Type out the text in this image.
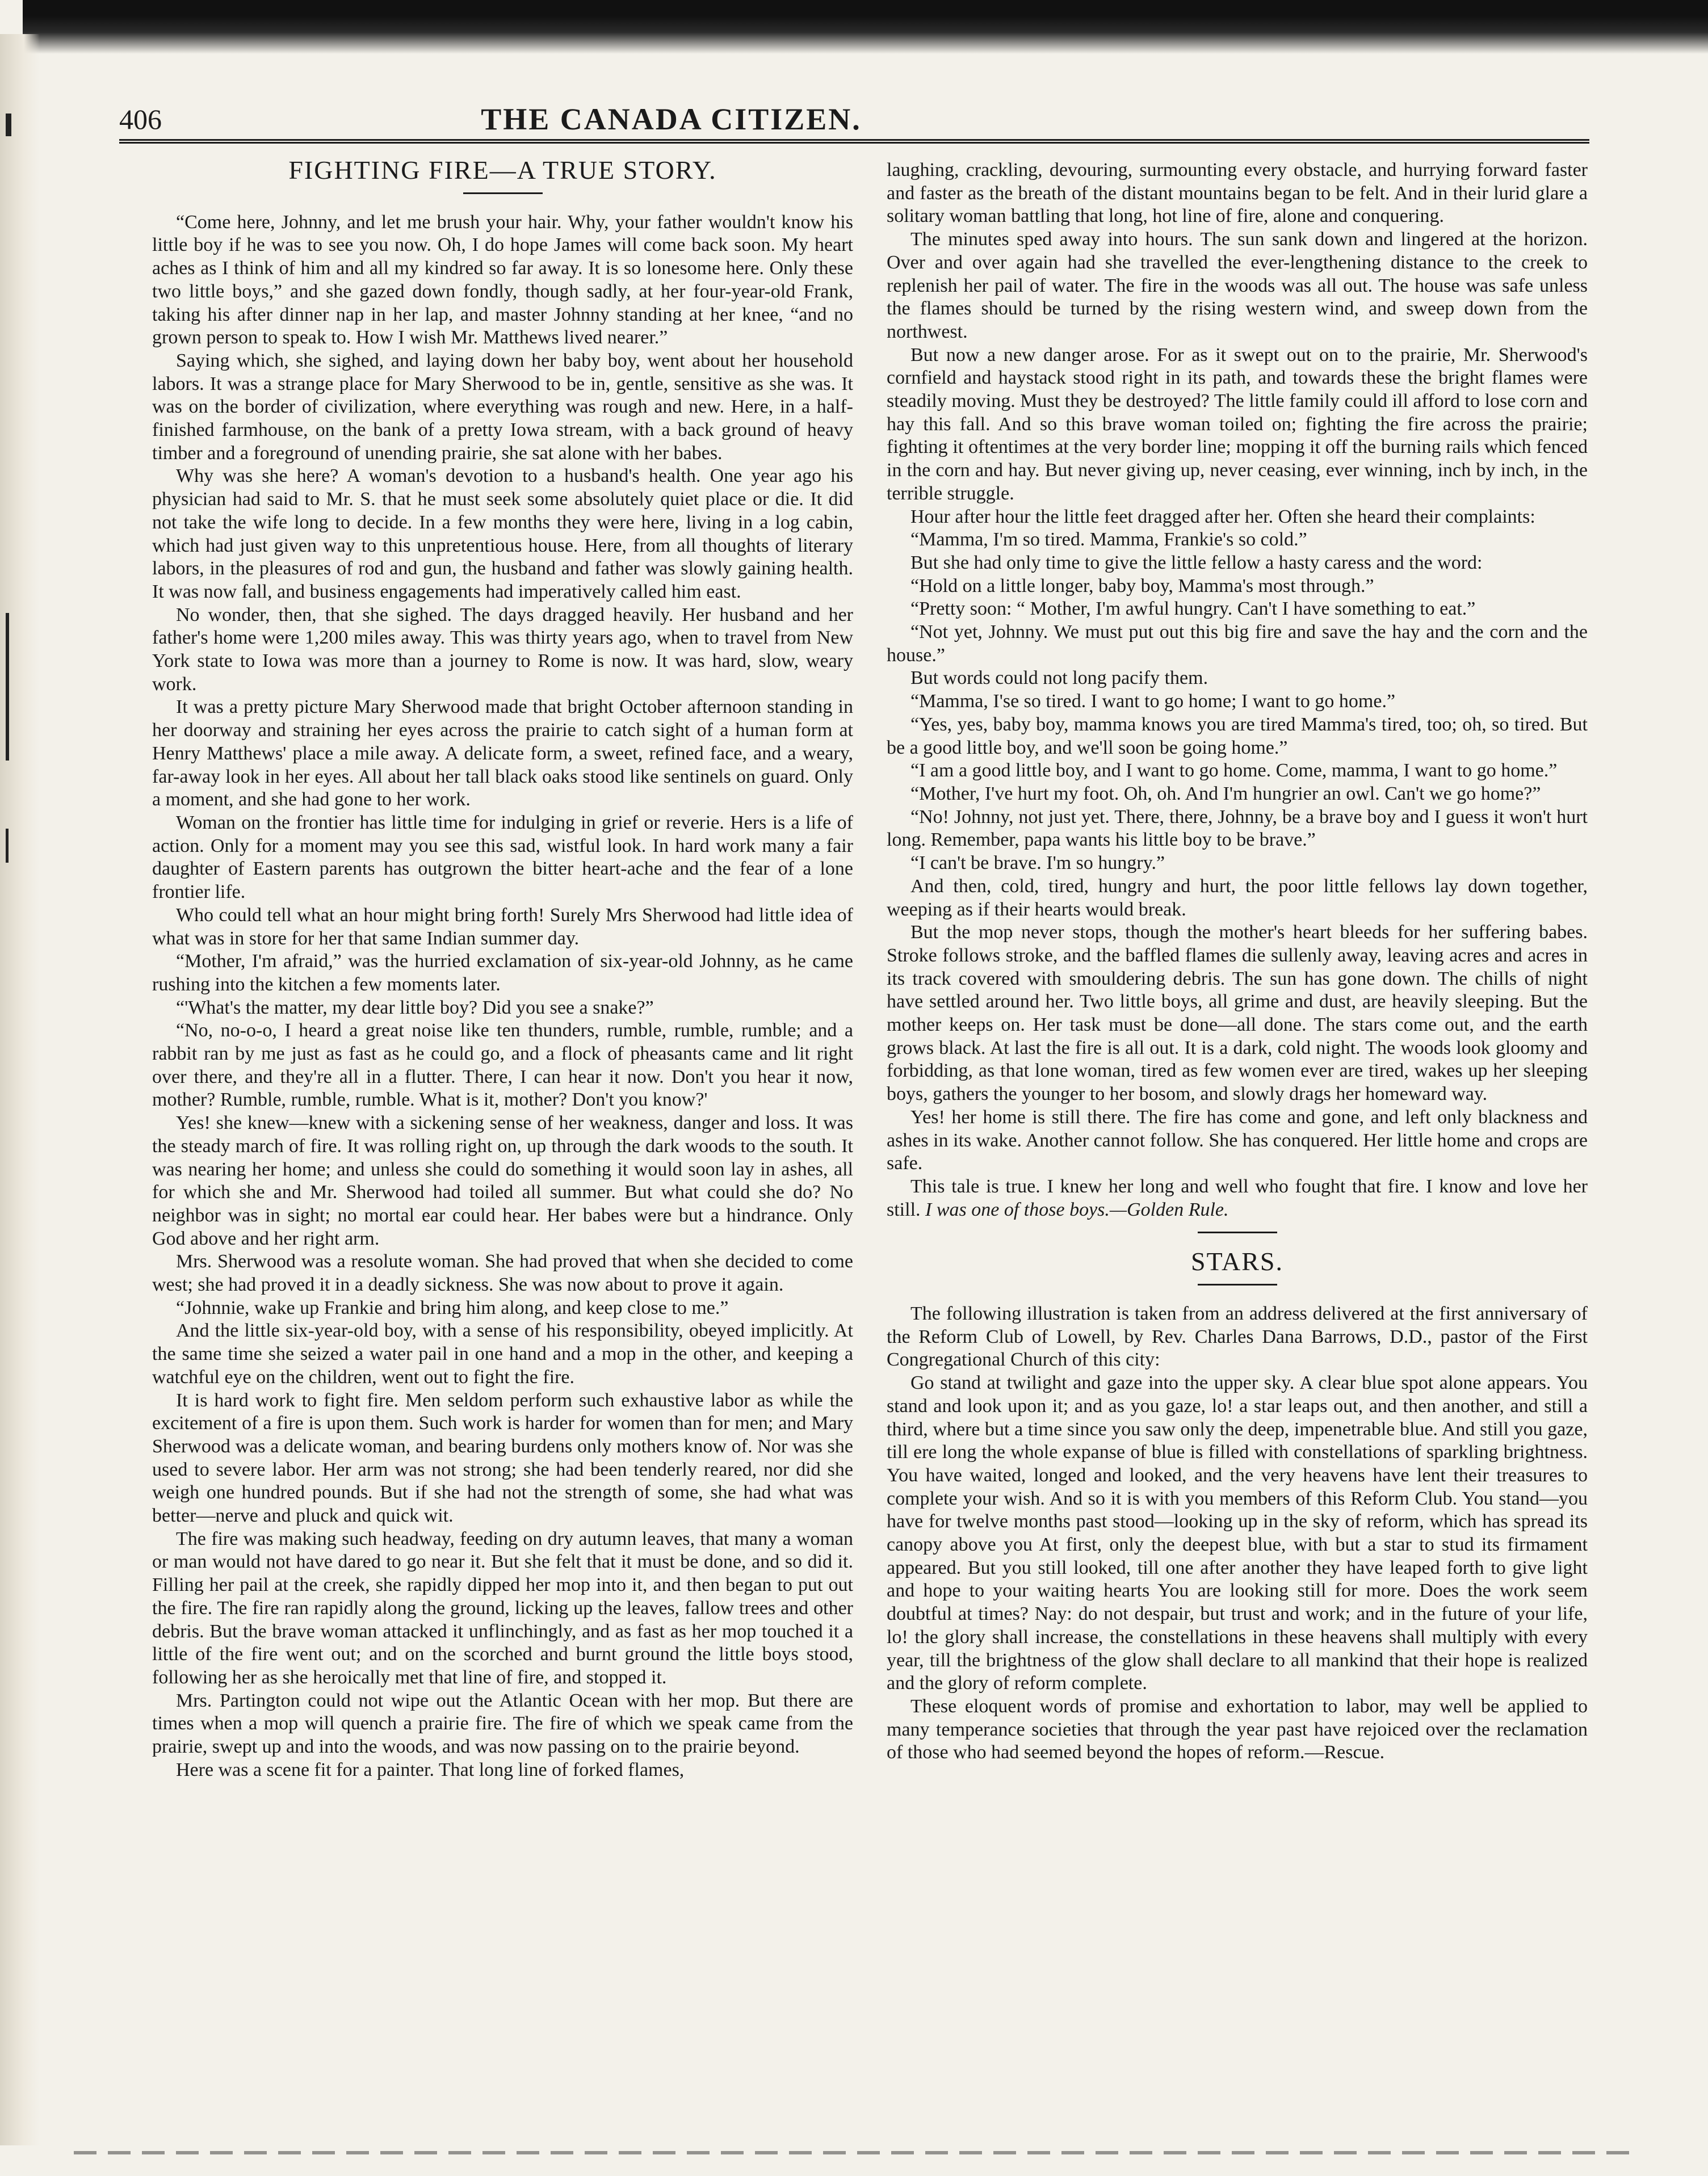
406	THE CANADA CITIZEN.

FIGHTING FIRE—A TRUE STORY.

“Come here, Johnny, and let me brush your hair. Why, your father wouldn't know his little boy if he was to see you now. Oh, I do hope James will come back soon. My heart aches as I think of him and all my kindred so far away. It is so lonesome here. Only these two little boys,” and she gazed down fondly, though sadly, at her four-year-old Frank, taking his after dinner nap in her lap, and master Johnny standing at her knee, “and no grown person to speak to. How I wish Mr. Matthews lived nearer.”

Saying which, she sighed, and laying down her baby boy, went about her household labors. It was a strange place for Mary Sherwood to be in, gentle, sensitive as she was. It was on the border of civilization, where everything was rough and new. Here, in a half-finished farmhouse, on the bank of a pretty Iowa stream, with a back ground of heavy timber and a foreground of unending prairie, she sat alone with her babes.

Why was she here? A woman's devotion to a husband's health. One year ago his physician had said to Mr. S. that he must seek some absolutely quiet place or die. It did not take the wife long to decide. In a few months they were here, living in a log cabin, which had just given way to this unpretentious house. Here, from all thoughts of literary labors, in the pleasures of rod and gun, the husband and father was slowly gaining health. It was now fall, and business engagements had imperatively called him east.

No wonder, then, that she sighed. The days dragged heavily. Her husband and her father's home were 1,200 miles away. This was thirty years ago, when to travel from New York state to Iowa was more than a journey to Rome is now. It was hard, slow, weary work.

It was a pretty picture Mary Sherwood made that bright October afternoon standing in her doorway and straining her eyes across the prairie to catch sight of a human form at Henry Matthews' place a mile away. A delicate form, a sweet, refined face, and a weary, far-away look in her eyes. All about her tall black oaks stood like sentinels on guard. Only a moment, and she had gone to her work.

Woman on the frontier has little time for indulging in grief or reverie. Hers is a life of action. Only for a moment may you see this sad, wistful look. In hard work many a fair daughter of Eastern parents has outgrown the bitter heart-ache and the fear of a lone frontier life.

Who could tell what an hour might bring forth! Surely Mrs Sherwood had little idea of what was in store for her that same Indian summer day.

“Mother, I'm afraid,” was the hurried exclamation of six-year-old Johnny, as he came rushing into the kitchen a few moments later.

“'What's the matter, my dear little boy? Did you see a snake?”

“No, no-o-o, I heard a great noise like ten thunders, rumble, rumble, rumble; and a rabbit ran by me just as fast as he could go, and a flock of pheasants came and lit right over there, and they're all in a flutter. There, I can hear it now. Don't you hear it now, mother? Rumble, rumble, rumble. What is it, mother? Don't you know?'

Yes! she knew—knew with a sickening sense of her weakness, danger and loss. It was the steady march of fire. It was rolling right on, up through the dark woods to the south. It was nearing her home; and unless she could do something it would soon lay in ashes, all for which she and Mr. Sherwood had toiled all summer. But what could she do? No neighbor was in sight; no mortal ear could hear. Her babes were but a hindrance. Only God above and her right arm.

Mrs. Sherwood was a resolute woman. She had proved that when she decided to come west; she had proved it in a deadly sickness. She was now about to prove it again.

“Johnnie, wake up Frankie and bring him along, and keep close to me.”

And the little six-year-old boy, with a sense of his responsibility, obeyed implicitly. At the same time she seized a water pail in one hand and a mop in the other, and keeping a watchful eye on the children, went out to fight the fire.

It is hard work to fight fire. Men seldom perform such exhaustive labor as while the excitement of a fire is upon them. Such work is harder for women than for men; and Mary Sherwood was a delicate woman, and bearing burdens only mothers know of. Nor was she used to severe labor. Her arm was not strong; she had been tenderly reared, nor did she weigh one hundred pounds. But if she had not the strength of some, she had what was better—nerve and pluck and quick wit.

The fire was making such headway, feeding on dry autumn leaves, that many a woman or man would not have dared to go near it. But she felt that it must be done, and so did it. Filling her pail at the creek, she rapidly dipped her mop into it, and then began to put out the fire. The fire ran rapidly along the ground, licking up the leaves, fallow trees and other debris. But the brave woman attacked it unflinchingly, and as fast as her mop touched it a little of the fire went out; and on the scorched and burnt ground the little boys stood, following her as she heroically met that line of fire, and stopped it.

Mrs. Partington could not wipe out the Atlantic Ocean with her mop. But there are times when a mop will quench a prairie fire. The fire of which we speak came from the prairie, swept up and into the woods, and was now passing on to the prairie beyond.

Here was a scene fit for a painter. That long line of forked flames,

laughing, crackling, devouring, surmounting every obstacle, and hurrying forward faster and faster as the breath of the distant mountains began to be felt. And in their lurid glare a solitary woman battling that long, hot line of fire, alone and conquering.

The minutes sped away into hours. The sun sank down and lingered at the horizon. Over and over again had she travelled the ever-lengthening distance to the creek to replenish her pail of water. The fire in the woods was all out. The house was safe unless the flames should be turned by the rising western wind, and sweep down from the northwest.

But now a new danger arose. For as it swept out on to the prairie, Mr. Sherwood's cornfield and haystack stood right in its path, and towards these the bright flames were steadily moving. Must they be destroyed? The little family could ill afford to lose corn and hay this fall. And so this brave woman toiled on; fighting the fire across the prairie; fighting it oftentimes at the very border line; mopping it off the burning rails which fenced in the corn and hay. But never giving up, never ceasing, ever winning, inch by inch, in the terrible struggle.

Hour after hour the little feet dragged after her. Often she heard their complaints:

“Mamma, I'm so tired. Mamma, Frankie's so cold.”

But she had only time to give the little fellow a hasty caress and the word:

“Hold on a little longer, baby boy, Mamma's most through.”

“Pretty soon: “ Mother, I'm awful hungry. Can't I have something to eat.”

“Not yet, Johnny. We must put out this big fire and save the hay and the corn and the house.”

But words could not long pacify them.

“Mamma, I'se so tired. I want to go home; I want to go home.”

“Yes, yes, baby boy, mamma knows you are tired Mamma's tired, too; oh, so tired. But be a good little boy, and we'll soon be going home.”

“I am a good little boy, and I want to go home. Come, mamma, I want to go home.”

“Mother, I've hurt my foot. Oh, oh. And I'm hungrier an owl. Can't we go home?”

“No! Johnny, not just yet. There, there, Johnny, be a brave boy and I guess it won't hurt long. Remember, papa wants his little boy to be brave.”

“I can't be brave. I'm so hungry.”

And then, cold, tired, hungry and hurt, the poor little fellows lay down together, weeping as if their hearts would break.

But the mop never stops, though the mother's heart bleeds for her suffering babes. Stroke follows stroke, and the baffled flames die sullenly away, leaving acres and acres in its track covered with smouldering debris. The sun has gone down. The chills of night have settled around her. Two little boys, all grime and dust, are heavily sleeping. But the mother keeps on. Her task must be done—all done. The stars come out, and the earth grows black. At last the fire is all out. It is a dark, cold night. The woods look gloomy and forbidding, as that lone woman, tired as few women ever are tired, wakes up her sleeping boys, gathers the younger to her bosom, and slowly drags her homeward way.

Yes! her home is still there. The fire has come and gone, and left only blackness and ashes in its wake. Another cannot follow. She has conquered. Her little home and crops are safe.

This tale is true. I knew her long and well who fought that fire. I know and love her still. I was one of those boys.—Golden Rule.

STARS.

The following illustration is taken from an address delivered at the first anniversary of the Reform Club of Lowell, by Rev. Charles Dana Barrows, D.D., pastor of the First Congregational Church of this city:

Go stand at twilight and gaze into the upper sky. A clear blue spot alone appears. You stand and look upon it; and as you gaze, lo! a star leaps out, and then another, and still a third, where but a time since you saw only the deep, impenetrable blue. And still you gaze, till ere long the whole expanse of blue is filled with constellations of sparkling brightness. You have waited, longed and looked, and the very heavens have lent their treasures to complete your wish. And so it is with you members of this Reform Club. You stand—you have for twelve months past stood—looking up in the sky of reform, which has spread its canopy above you At first, only the deepest blue, with but a star to stud its firmament appeared. But you still looked, till one after another they have leaped forth to give light and hope to your waiting hearts You are looking still for more. Does the work seem doubtful at times? Nay: do not despair, but trust and work; and in the future of your life, lo! the glory shall increase, the constellations in these heavens shall multiply with every year, till the brightness of the glow shall declare to all mankind that their hope is realized and the glory of reform complete.

These eloquent words of promise and exhortation to labor, may well be applied to many temperance societies that through the year past have rejoiced over the reclamation of those who had seemed beyond the hopes of reform.—Rescue.
